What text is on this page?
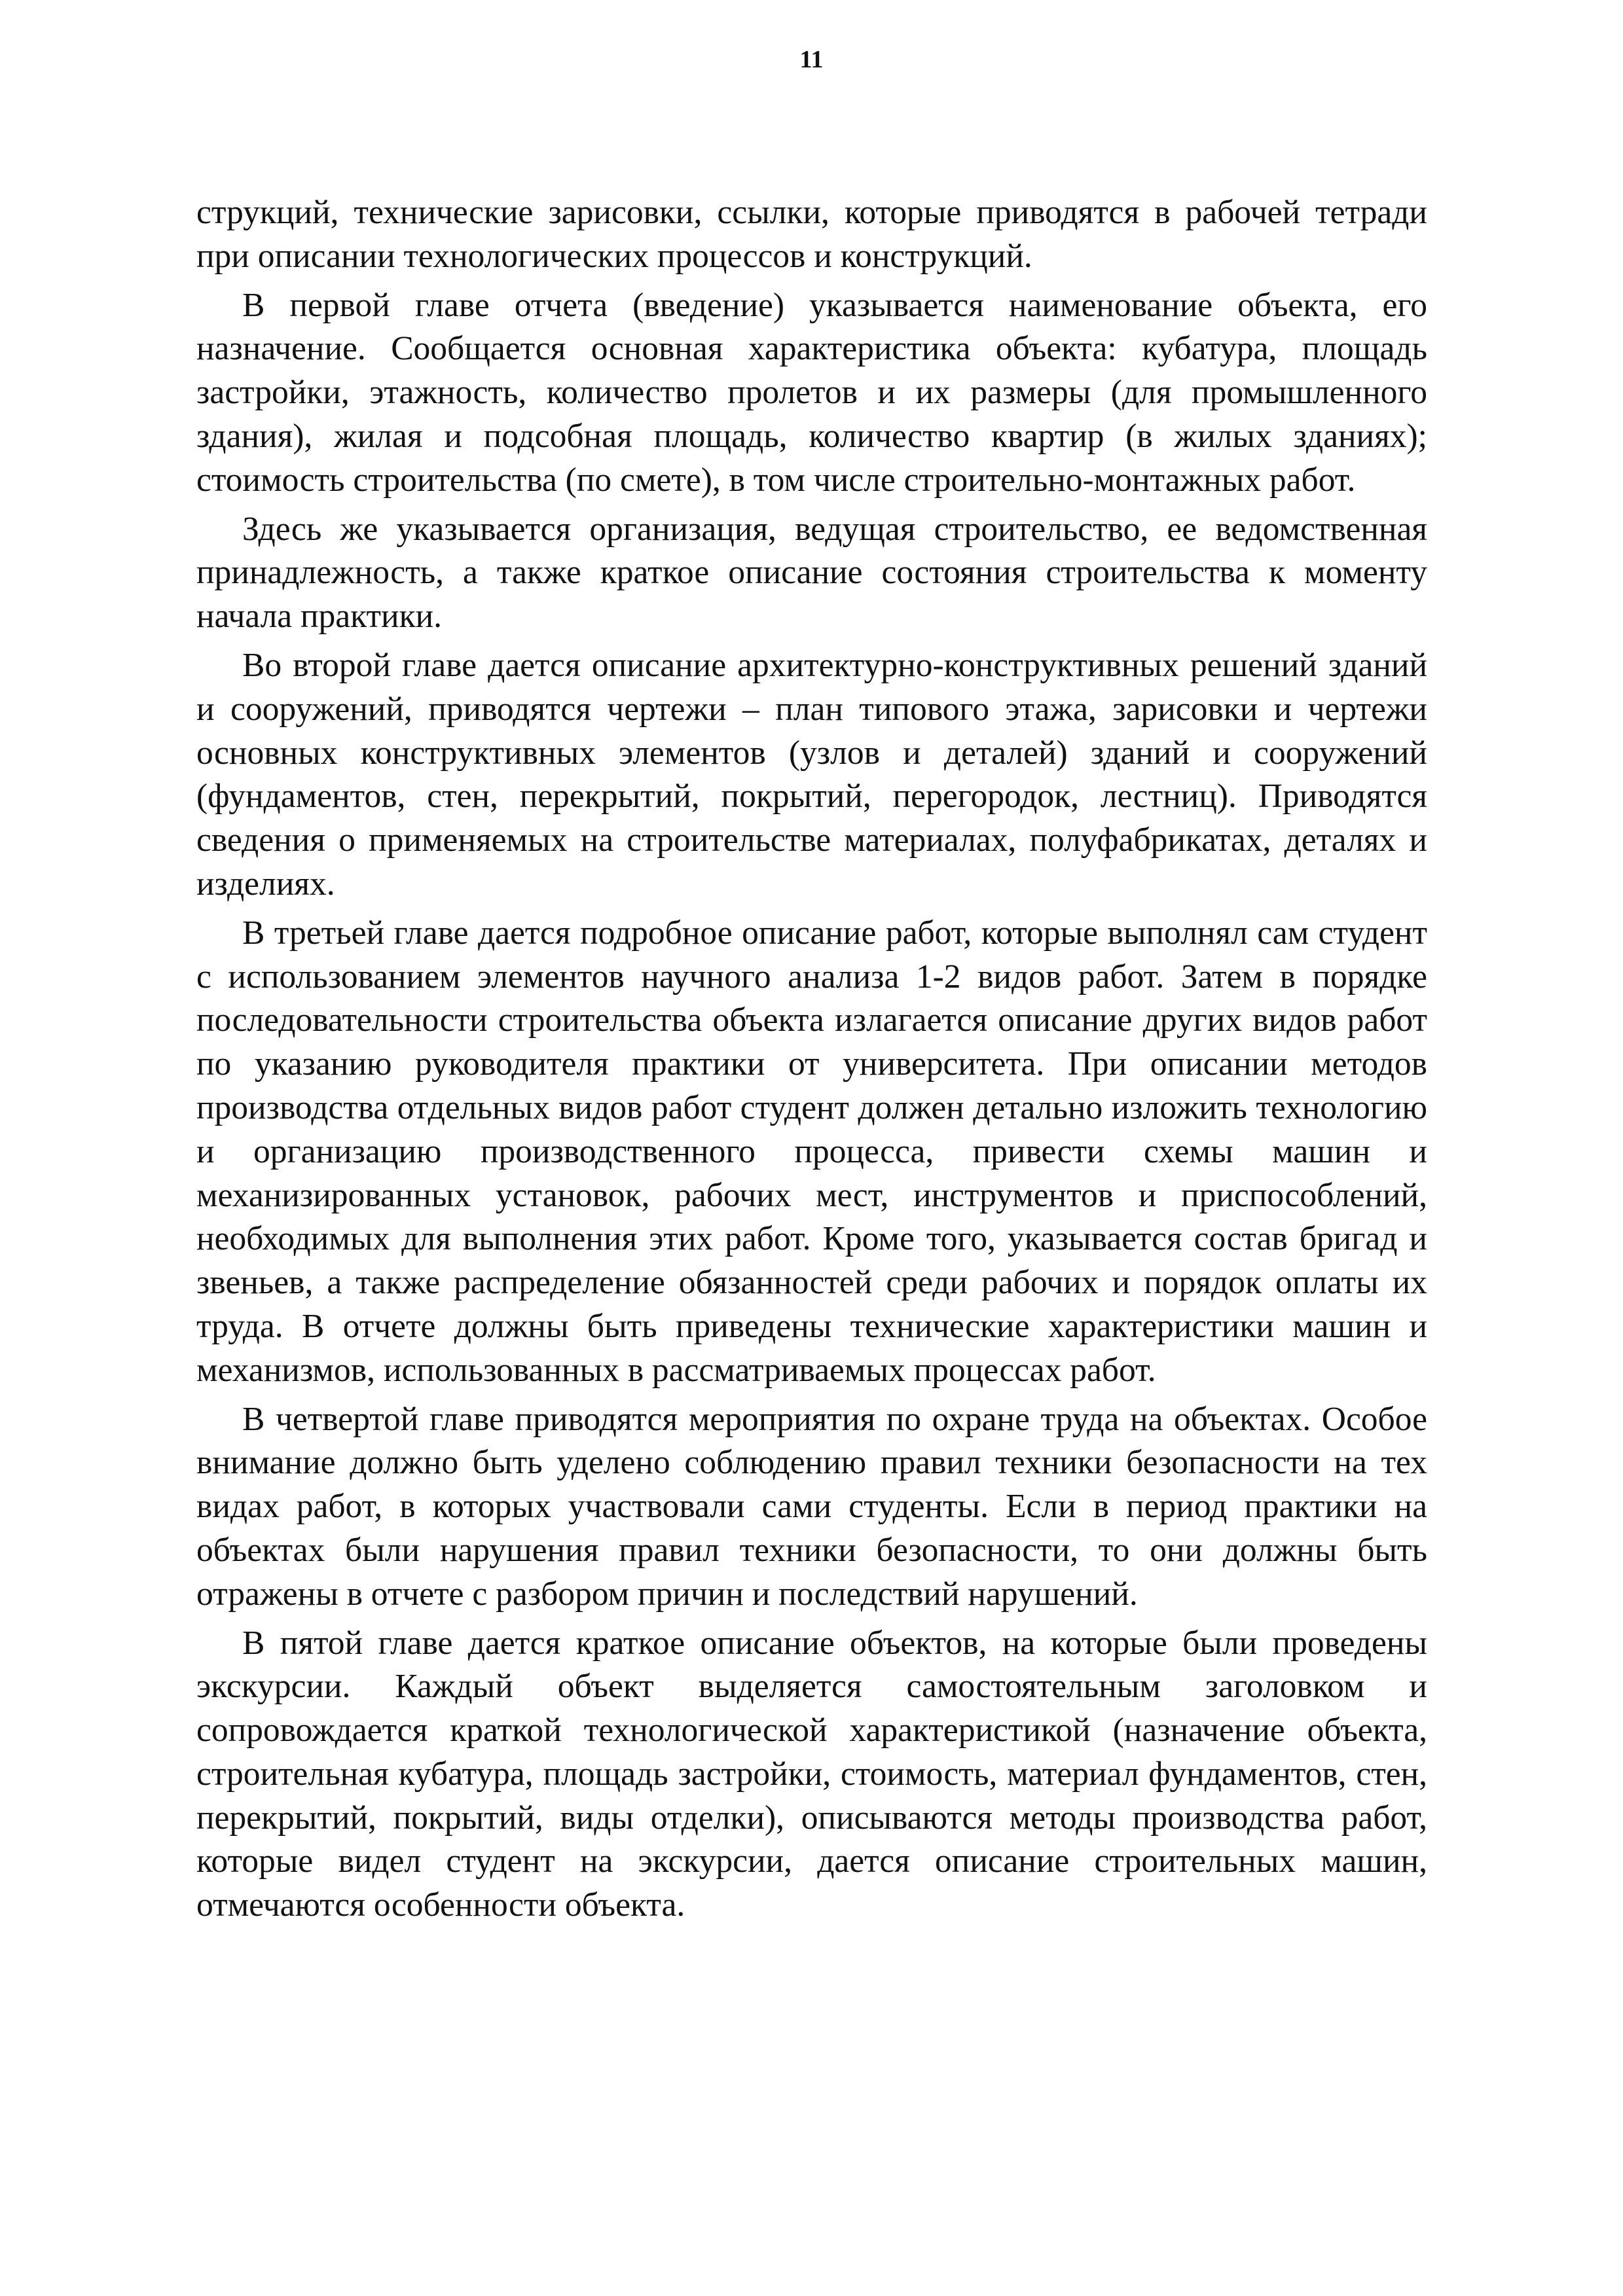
11

струкций, технические зарисовки, ссылки, которые приводятся в рабочей тетради при описании технологических процессов и конструкций.

В первой главе отчета (введение) указывается наименование объекта, его назначение. Сообщается основная характеристика объекта: кубатура, площадь застройки, этажность, количество пролетов и их размеры (для промышленного здания), жилая и подсобная площадь, количество квартир (в жилых зданиях); стоимость строительства (по смете), в том числе строительно-монтажных работ.

Здесь же указывается организация, ведущая строительство, ее ведомственная принадлежность, а также краткое описание состояния строительства к моменту начала практики.

Во второй главе дается описание архитектурно-конструктивных решений зданий и сооружений, приводятся чертежи – план типового этажа, зарисовки и чертежи основных конструктивных элементов (узлов и деталей) зданий и сооружений (фундаментов, стен, перекрытий, покрытий, перегородок, лестниц). Приводятся сведения о применяемых на строительстве материалах, полуфабрикатах, деталях и изделиях.

В третьей главе дается подробное описание работ, которые выполнял сам студент с использованием элементов научного анализа 1-2 видов работ. Затем в порядке последовательности строительства объекта излагается описание других видов работ по указанию руководителя практики от университета. При описании методов производства отдельных видов работ студент должен детально изложить технологию и организацию производственного процесса, привести схемы машин и механизированных установок, рабочих мест, инструментов и приспособлений, необходимых для выполнения этих работ. Кроме того, указывается состав бригад и звеньев, а также распределение обязанностей среди рабочих и порядок оплаты их труда. В отчете должны быть приведены технические характеристики машин и механизмов, использованных в рассматриваемых процессах работ.

В четвертой главе приводятся мероприятия по охране труда на объектах. Особое внимание должно быть уделено соблюдению правил техники безопасности на тех видах работ, в которых участвовали сами студенты. Если в период практики на объектах были нарушения правил техники безопасности, то они должны быть отражены в отчете с разбором причин и последствий нарушений.

В пятой главе дается краткое описание объектов, на которые были проведены экскурсии. Каждый объект выделяется самостоятельным заголовком и сопровождается краткой технологической характеристикой (назначение объекта, строительная кубатура, площадь застройки, стоимость, материал фундаментов, стен, перекрытий, покрытий, виды отделки), описываются методы производства работ, которые видел студент на экскурсии, дается описание строительных машин, отмечаются особенности объекта.
